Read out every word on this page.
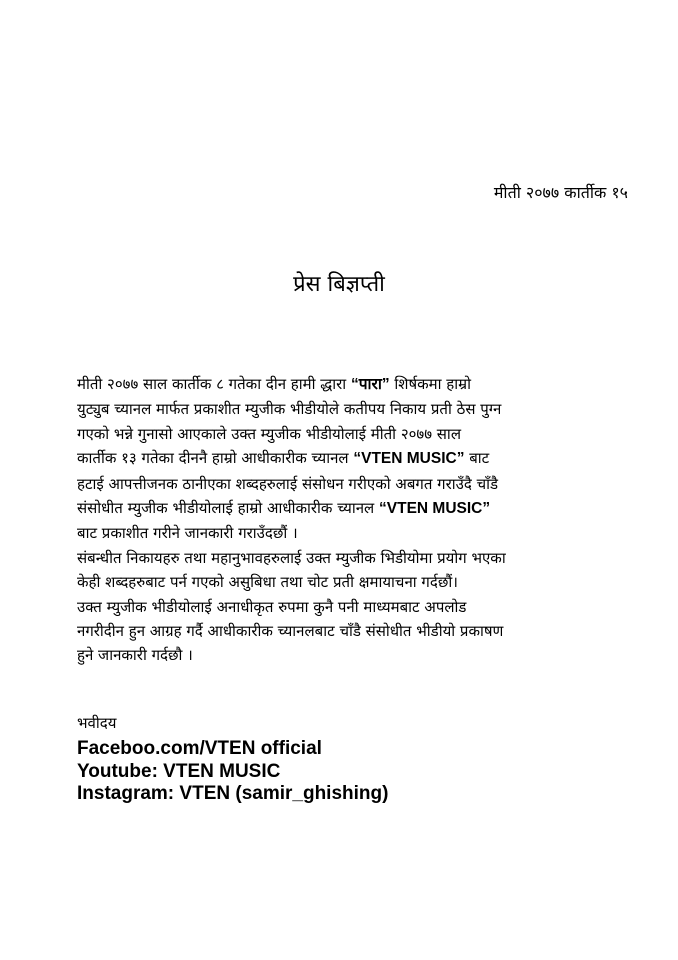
मीती २०७७ कार्तीक १५
प्रेस बिज्ञप्ती
मीती २०७७ साल कार्तीक ८ गतेका दीन हामी द्धारा “पारा” शिर्षकमा हाम्रो
युट्युब च्यानल मार्फत प्रकाशीत म्युजीक भीडीयोले कतीपय निकाय प्रती ठेस पुग्न
गएको भन्ने गुनासो आएकाले उक्त म्युजीक भीडीयोलाई मीती २०७७ साल
कार्तीक १३ गतेका दीननै हाम्रो आधीकारीक च्यानल “VTEN MUSIC” बाट
हटाई आपत्तीजनक ठानीएका शब्दहरुलाई संसोधन गरीएको अबगत गराउँदै चाँडै
संसोधीत म्युजीक भीडीयोलाई हाम्रो आधीकारीक च्यानल “VTEN MUSIC”
बाट प्रकाशीत गरीने जानकारी गराउँदछौं ।
संबन्धीत निकायहरु तथा महानुभावहरुलाई उक्त म्युजीक भिडीयोमा प्रयोग भएका
केही शब्दहरुबाट पर्न गएको असुबिधा तथा चोट प्रती क्षमायाचना गर्दछौं।
उक्त म्युजीक भीडीयोलाई अनाधीकृत रुपमा कुनै पनी माध्यमबाट अपलोड
नगरीदीन हुन आग्रह गर्दै आधीकारीक च्यानलबाट चाँडै संसोधीत भीडीयो प्रकाषण
हुने जानकारी गर्दछौ ।
भवीदय
Faceboo.com/VTEN official
Youtube: VTEN MUSIC
Instagram: VTEN (samir_ghishing)
